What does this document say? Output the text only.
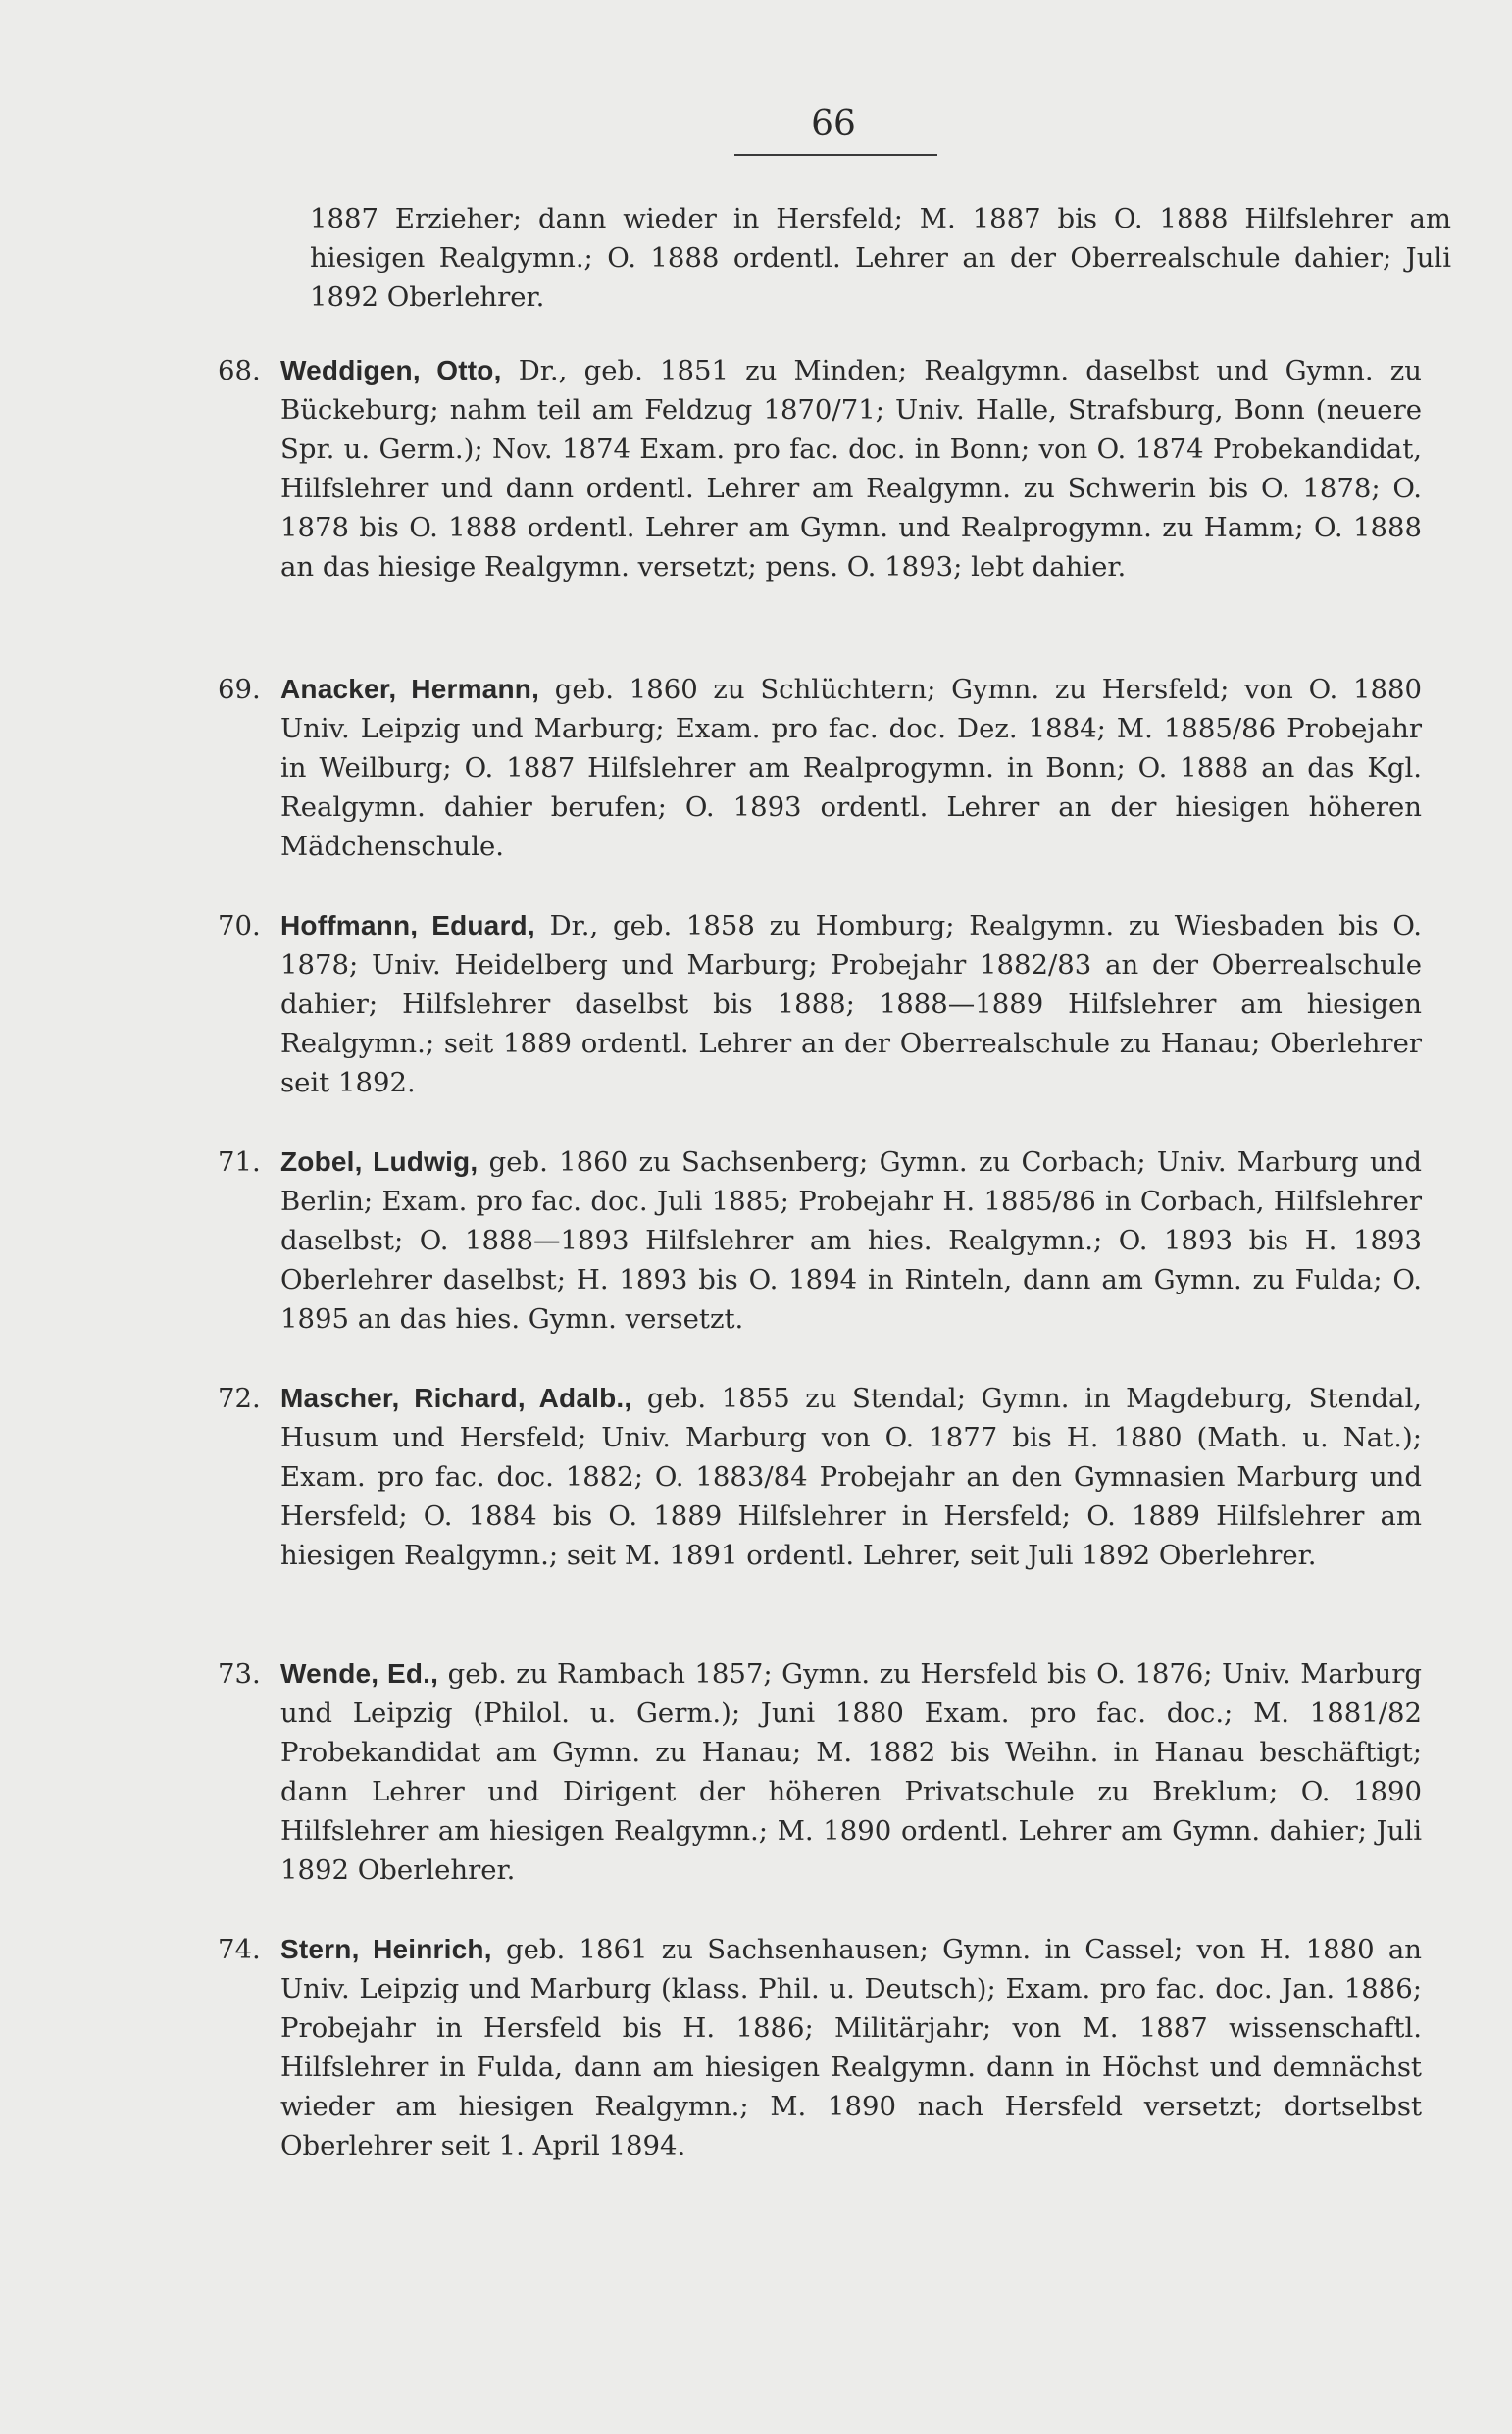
66
1887 Erzieher; dann wieder in Hersfeld; M. 1887 bis O. 1888 Hilfslehrer am hiesigen Realgymn.; O. 1888 ordentl. Lehrer an der Oberrealschule dahier; Juli 1892 Oberlehrer.
68. Weddigen, Otto, Dr., geb. 1851 zu Minden; Realgymn. daselbst und Gymn. zu Bückeburg; nahm teil am Feldzug 1870/71; Univ. Halle, Strafsburg, Bonn (neuere Spr. u. Germ.); Nov. 1874 Exam. pro fac. doc. in Bonn; von O. 1874 Probekandidat, Hilfslehrer und dann ordentl. Lehrer am Realgymn. zu Schwerin bis O. 1878; O. 1878 bis O. 1888 ordentl. Lehrer am Gymn. und Realprogymn. zu Hamm; O. 1888 an das hiesige Realgymn. versetzt; pens. O. 1893; lebt dahier.
69. Anacker, Hermann, geb. 1860 zu Schlüchtern; Gymn. zu Hersfeld; von O. 1880 Univ. Leipzig und Marburg; Exam. pro fac. doc. Dez. 1884; M. 1885/86 Probejahr in Weilburg; O. 1887 Hilfslehrer am Realprogymn. in Bonn; O. 1888 an das Kgl. Realgymn. dahier berufen; O. 1893 ordentl. Lehrer an der hiesigen höheren Mädchenschule.
70. Hoffmann, Eduard, Dr., geb. 1858 zu Homburg; Realgymn. zu Wiesbaden bis O. 1878; Univ. Heidelberg und Marburg; Probejahr 1882/83 an der Oberrealschule dahier; Hilfslehrer daselbst bis 1888; 1888—1889 Hilfslehrer am hiesigen Realgymn.; seit 1889 ordentl. Lehrer an der Oberrealschule zu Hanau; Oberlehrer seit 1892.
71. Zobel, Ludwig, geb. 1860 zu Sachsenberg; Gymn. zu Corbach; Univ. Marburg und Berlin; Exam. pro fac. doc. Juli 1885; Probejahr H. 1885/86 in Corbach, Hilfslehrer daselbst; O. 1888—1893 Hilfslehrer am hies. Realgymn.; O. 1893 bis H. 1893 Oberlehrer daselbst; H. 1893 bis O. 1894 in Rinteln, dann am Gymn. zu Fulda; O. 1895 an das hies. Gymn. versetzt.
72. Mascher, Richard, Adalb., geb. 1855 zu Stendal; Gymn. in Magdeburg, Stendal, Husum und Hersfeld; Univ. Marburg von O. 1877 bis H. 1880 (Math. u. Nat.); Exam. pro fac. doc. 1882; O. 1883/84 Probejahr an den Gymnasien Marburg und Hersfeld; O. 1884 bis O. 1889 Hilfslehrer in Hersfeld; O. 1889 Hilfslehrer am hiesigen Realgymn.; seit M. 1891 ordentl. Lehrer, seit Juli 1892 Oberlehrer.
73. Wende, Ed., geb. zu Rambach 1857; Gymn. zu Hersfeld bis O. 1876; Univ. Marburg und Leipzig (Philol. u. Germ.); Juni 1880 Exam. pro fac. doc.; M. 1881/82 Probekandidat am Gymn. zu Hanau; M. 1882 bis Weihn. in Hanau beschäftigt; dann Lehrer und Dirigent der höheren Privatschule zu Breklum; O. 1890 Hilfslehrer am hiesigen Realgymn.; M. 1890 ordentl. Lehrer am Gymn. dahier; Juli 1892 Oberlehrer.
74. Stern, Heinrich, geb. 1861 zu Sachsenhausen; Gymn. in Cassel; von H. 1880 an Univ. Leipzig und Marburg (klass. Phil. u. Deutsch); Exam. pro fac. doc. Jan. 1886; Probejahr in Hersfeld bis H. 1886; Militärjahr; von M. 1887 wissenschaftl. Hilfslehrer in Fulda, dann am hiesigen Realgymn. dann in Höchst und demnächst wieder am hiesigen Realgymn.; M. 1890 nach Hersfeld versetzt; dortselbst Oberlehrer seit 1. April 1894.
